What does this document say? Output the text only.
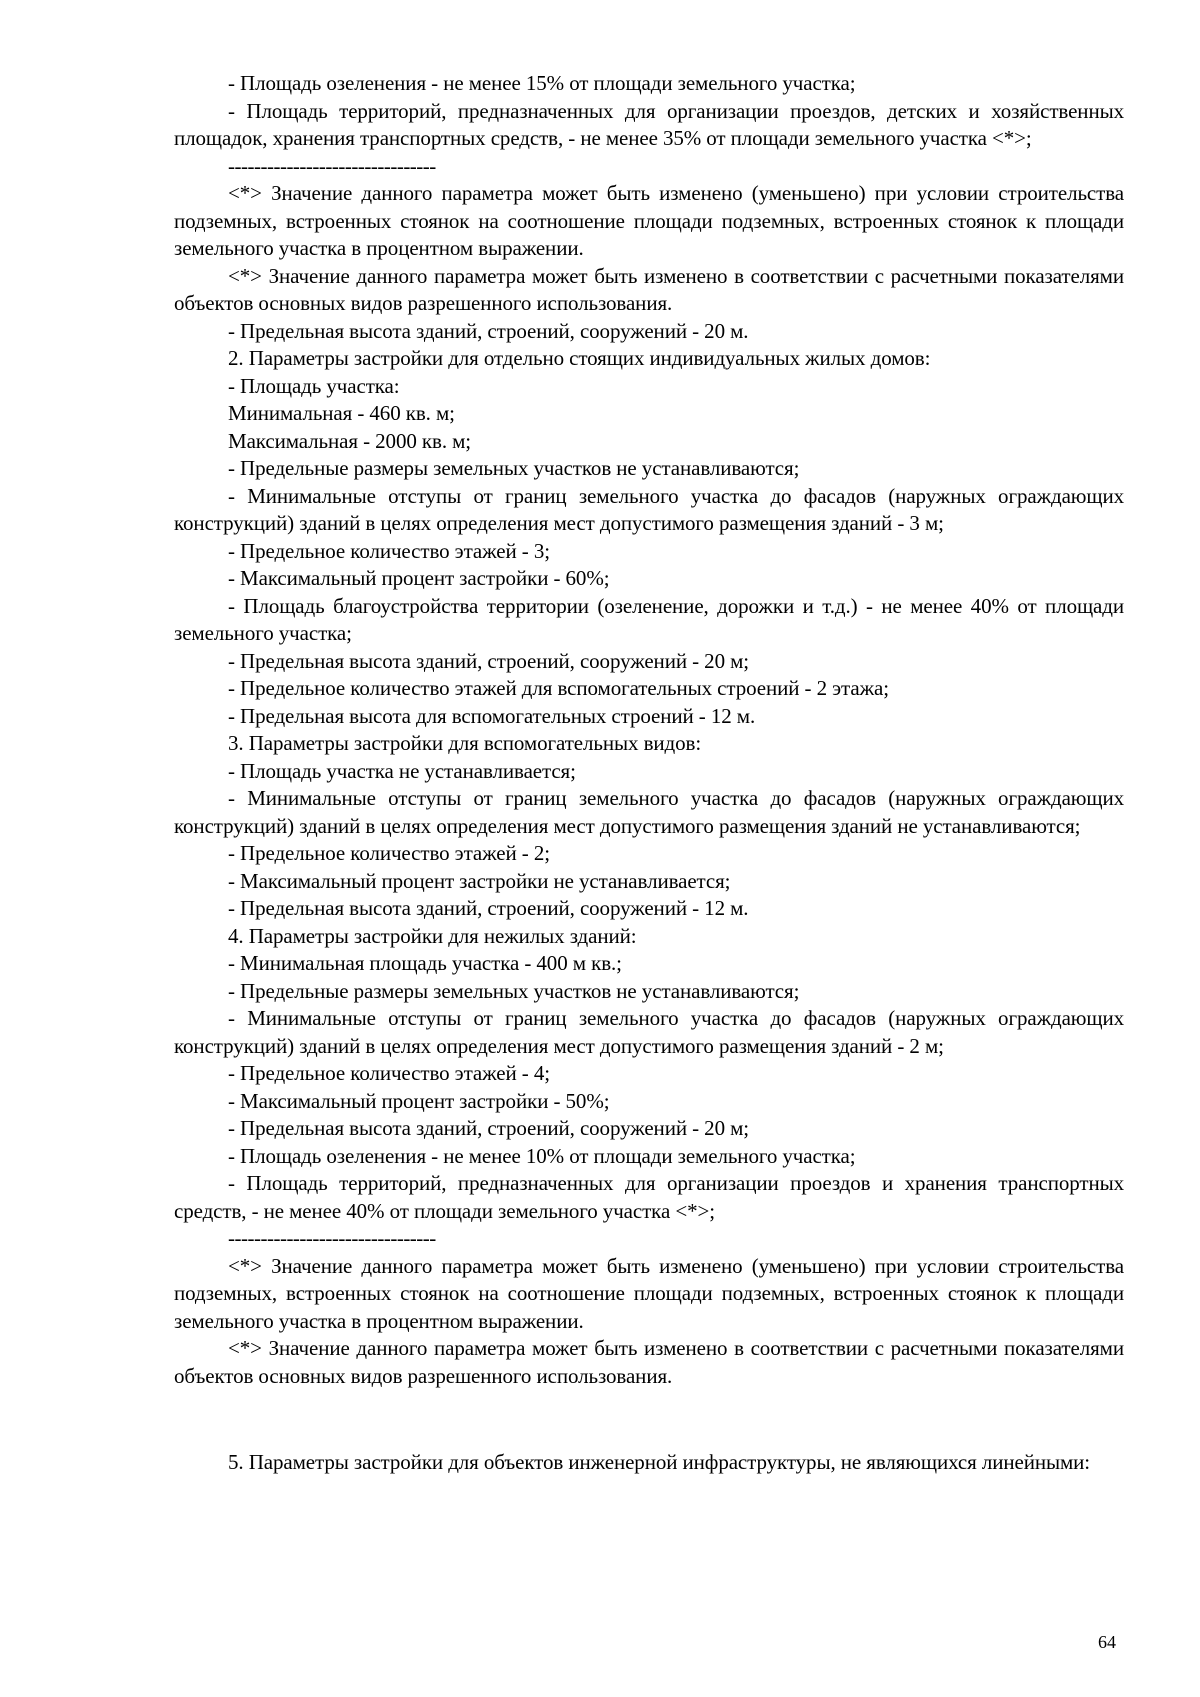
- Площадь озеленения - не менее 15% от площади земельного участка;

- Площадь территорий, предназначенных для организации проездов, детских и хозяйственных площадок, хранения транспортных средств, - не менее 35% от площади земельного участка <*>;

--------------------------------

<*> Значение данного параметра может быть изменено (уменьшено) при условии строительства подземных, встроенных стоянок на соотношение площади подземных, встроенных стоянок к площади земельного участка в процентном выражении.

<*> Значение данного параметра может быть изменено в соответствии с расчетными показателями объектов основных видов разрешенного использования.

- Предельная высота зданий, строений, сооружений - 20 м.

2. Параметры застройки для отдельно стоящих индивидуальных жилых домов:

- Площадь участка:

Минимальная - 460 кв. м;

Максимальная - 2000 кв. м;

- Предельные размеры земельных участков не устанавливаются;

- Минимальные отступы от границ земельного участка до фасадов (наружных ограждающих конструкций) зданий в целях определения мест допустимого размещения зданий - 3 м;

- Предельное количество этажей - 3;

- Максимальный процент застройки - 60%;

- Площадь благоустройства территории (озеленение, дорожки и т.д.) - не менее 40% от площади земельного участка;

- Предельная высота зданий, строений, сооружений - 20 м;

- Предельное количество этажей для вспомогательных строений - 2 этажа;

- Предельная высота для вспомогательных строений - 12 м.

3. Параметры застройки для вспомогательных видов:

- Площадь участка не устанавливается;

- Минимальные отступы от границ земельного участка до фасадов (наружных ограждающих конструкций) зданий в целях определения мест допустимого размещения зданий не устанавливаются;

- Предельное количество этажей - 2;

- Максимальный процент застройки не устанавливается;

- Предельная высота зданий, строений, сооружений - 12 м.

4. Параметры застройки для нежилых зданий:

- Минимальная площадь участка - 400 м кв.;

- Предельные размеры земельных участков не устанавливаются;

- Минимальные отступы от границ земельного участка до фасадов (наружных ограждающих конструкций) зданий в целях определения мест допустимого размещения зданий - 2 м;

- Предельное количество этажей - 4;

- Максимальный процент застройки - 50%;

- Предельная высота зданий, строений, сооружений - 20 м;

- Площадь озеленения - не менее 10% от площади земельного участка;

- Площадь территорий, предназначенных для организации проездов и хранения транспортных средств, - не менее 40% от площади земельного участка <*>;

--------------------------------

<*> Значение данного параметра может быть изменено (уменьшено) при условии строительства подземных, встроенных стоянок на соотношение площади подземных, встроенных стоянок к площади земельного участка в процентном выражении.

<*> Значение данного параметра может быть изменено в соответствии с расчетными показателями объектов основных видов разрешенного использования.

5. Параметры застройки для объектов инженерной инфраструктуры, не являющихся линейными:

64
